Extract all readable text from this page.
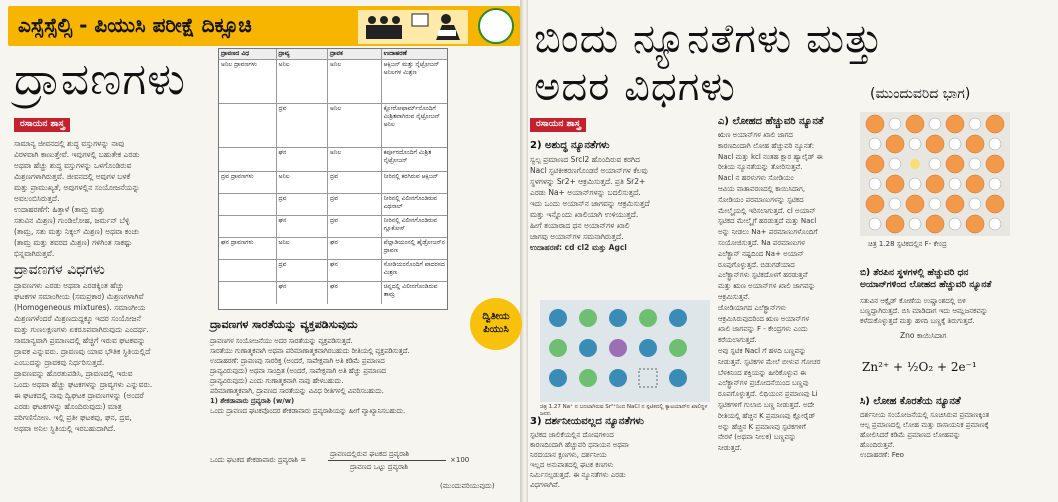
ಎಸ್ಸೆಸ್ಸೆಲ್ಸಿ - ಪಿಯುಸಿ ಪರೀಕ್ಷೆ ದಿಕ್ಸೂಚಿ
ದ್ರಾವಣಗಳು
ರಸಾಯನ ಶಾಸ್ತ್ರ
ಸಾಮಾನ್ಯ ಜೀವನದಲ್ಲಿ ಶುದ್ಧ ವಸ್ತುಗಳನ್ನು ನಾವು
ವಿರಳವಾಗಿ ಕಾಣುತ್ತೇವೆ. ಇವುಗಳಲ್ಲಿ ಬಹುತೇಕ ಎರಡು
ಅಥವಾ ಹೆಚ್ಚು ಶುದ್ಧ ವಸ್ತುಗಳನ್ನು ಒಳಗೊಂಡಿರುವ
ಮಿಶ್ರಣಗಳಾಗಿರುತ್ತವೆ. ಜೀವನದಲ್ಲಿ ಅವುಗಳ ಬಳಕೆ
ಮತ್ತು ಪ್ರಾಮುಖ್ಯತೆ, ಅವುಗಳಲ್ಲಿನ ಸಂಯೋಜನೆಯನ್ನು
ಅವಲಂಬಿಸಿರುತ್ತದೆ.
ಉದಾಹರಣೆಗೆ: ಹಿತ್ತಾಳೆ (ತಾಮ್ರ ಮತ್ತು
ಸತುವಿನ ಮಿಶ್ರಣ) ಗುಂಡಿಲೋಹ, ಜರ್ಮನ್ ಬೆಳ್ಳಿ
(ತಾಮ್ರ, ಸತು ಮತ್ತು ನಿಕ್ಕಲ್ ಮಿಶ್ರಣ) ಅಥವಾ ಕಂಚು
(ತಾಮ್ರ ಮತ್ತು ತವರದ ಮಿಶ್ರಣ) ಗಳಿಗಿಂತ ಸಾಕಷ್ಟು
ಭಿನ್ನವಾಗಿರುತ್ತವೆ.
ದ್ರಾವಣಗಳ ವಿಧಗಳು
ದ್ರಾವಣಗಳು ಎರಡು ಅಥವಾ ಎರಡಕ್ಕಿಂತ ಹೆಚ್ಚು
ಘಟಕಗಳ ಸಮಾಂಗೀಯ (ಸಮಪ್ರಕಾರ) ಮಿಶ್ರಣಗಳಾಗಿವೆ
(Homogeneous mixtures). ಸಮಾಂಗೀಯ
ಮಿಶ್ರಣಗಳೆಂದರೆ ಮಿಶ್ರಣದುದ್ದಕ್ಕೂ ಇದರ ಸಂಯೋಜನೆ
ಮತ್ತು ಗುಣಲಕ್ಷಣಗಳು ಏಕರೂಪವಾಗಿರುವುದು ಎಂದರ್ಥ.
ಸಾಮಾನ್ಯವಾಗಿ ಪ್ರಮಾಣದಲ್ಲಿ ಹೆಚ್ಚಿಗೆ ಇರುವ ಘಟಕವನ್ನು
ದ್ರಾವಕ ಎನ್ನುವರು. ದ್ರಾವಣವು ಯಾವ ಭೌತಿಕ ಸ್ಥಿತಿಯಲ್ಲಿದೆ
ಎಂಬುದನ್ನು ದ್ರಾವಕವು ನಿರ್ಧರಿಸುತ್ತದೆ.
ದ್ರಾವಣವನ್ನು ಹೊರತುಪಡಿಸಿ, ದ್ರಾವಣದಲ್ಲಿ ಇರುವ
ಒಂದು ಅಥವಾ ಹೆಚ್ಚು ಘಟಕಗಳನ್ನು ದ್ರಾವ್ಯಗಳು ಎನ್ನುವರು.
ಈ ಘಟಕದಲ್ಲಿ ನಾವು ದ್ವಿಘಟಕ ದ್ರಾವಣಗಳನ್ನು (ಅಂದರೆ
ಎರಡು ಘಟಕಗಳನ್ನು ಹೊಂದಿರುವುದು) ಮಾತ್ರ
ಪರಿಗಣಿಸೋಣ. ಇಲ್ಲಿ ಪ್ರತೀ ಘಟಕವು, ಘನ, ದ್ರವ,
ಅಥವಾ ಅನಿಲ ಸ್ಥಿತಿಯಲ್ಲಿ ಇರಬಹುದಾಗಿದೆ.
ದ್ರಾವಣದ ವಿಧ	ದ್ರಾವ್ಯ	ದ್ರಾವಕ	ಉದಾಹರಣೆ
ಅನಿಲ ದ್ರಾವಣಗಳು	ಅನಿಲ	ಅನಿಲ	ಆಕ್ಸಿಜನ್ ಮತ್ತು ನೈಟ್ರೋಜನ್ ಅನಿಲಗಳ ಮಿಶ್ರಣ
ದ್ರವ	ಅನಿಲ	ಕ್ಲೋರೋಫಾರ್ಮ್‌ನೊಂದಿಗೆ ಮಿಶ್ರಿತವಾಗಿರುವ ನೈಟ್ರೋಜನ್ ಅನಿಲ
ಘನ	ಅನಿಲ	ಕರ್ಪೂರದೊಂದಿಗೆ ಮಿಶ್ರಿತ ನೈಟ್ರೋಜನ್
ದ್ರವ ದ್ರಾವಣಗಳು	ಅನಿಲ	ದ್ರವ	ನೀರಿನಲ್ಲಿ ಕರಗಿರುವ ಆಕ್ಸಿಜನ್
ದ್ರವ	ದ್ರವ	ನೀರಿನಲ್ಲಿ ವಿಲೀನಗೊಂಡಿರುವ ಎಥನಾಲ್
ಘನ	ದ್ರವ	ನೀರಿನಲ್ಲಿ ವಿಲೀನಗೊಂಡಿರುವ ಗ್ಲೂಕೋಸ್
ಘನ ದ್ರಾವಣಗಳು	ಅನಿಲ	ಘನ	ಪೆಲ್ಲಾಡಿಯಂನಲ್ಲಿ ಹೈಡ್ರೋಜನ್‌ನ ದ್ರಾವಣ
ದ್ರವ	ಘನ	ಸೋಡಿಯಂನೊಂದಿಗೆ ಪಾದರಸದ ಮಿಶ್ರಣ
ಘನ	ಘನ	ಚಿನ್ನದಲ್ಲಿ ವಿಲೀನಗೊಂಡಿರುವ ತಾಮ್ರ
ದ್ರಾವಣಗಳ ಸಾರತೆಯನ್ನು ವ್ಯಕ್ತಪಡಿಸುವುದು
ದ್ರಾವಣಗಳ ಸಂಯೋಜನೆಯು ಅದರ ಸಾರತೆಯನ್ನು ವ್ಯಕ್ತಪಡಿಸುತ್ತದೆ.
ಸಾರತೆಯು ಗುಣಾತ್ಮಕವಾಗಿ ಅಥವಾ ಪರಿಮಾಣಾತ್ಮಕವಾಗಿರಬಹುದು ರೀತಿಯಲ್ಲಿ ವ್ಯಕ್ತಪಡಿಸುತ್ತದೆ.
ಉದಾಹರಣೆ: ದ್ರಾವಣವು ಸಾರರಿಕ್ತ (ಅಂದರೆ, ಸಾಪೇಕ್ಷವಾಗಿ ಅತಿ ಕಡಿಮೆ ಪ್ರಮಾಣದ
ದ್ರಾವ್ಯವಿರುವುದು) ಅಥವಾ ಸಾಂದ್ರಿತ (ಅಂದರೆ, ಸಾಪೇಕ್ಷವಾಗಿ ಅತಿ ಹೆಚ್ಚು ಪ್ರಮಾಣದ
ದ್ರಾವ್ಯವಿರುವುದು) ಎಂದು ಗುಣಾತ್ಮಕವಾಗಿ ನಾವು ಹೇಳಬಹುದು.
ಪರಿಮಾಣಾತ್ಮಕವಾಗಿ, ದ್ರಾವಣದ ಸಾರತೆಯನ್ನು ವಿವಿಧ ರೀತಿಗಳಲ್ಲಿ ವಿವರಿಸಬಹುದು.
1) ಶೇಕಡಾವಾರು ದ್ರವ್ಯರಾಶಿ (w/w)
ಒಂದು ದ್ರಾವಣದ ಘಟಕವೊಂದರ ಶೇಕಡಾವಾರು ದ್ರವ್ಯರಾಶಿಯನ್ನು ಹೀಗೆ ವ್ಯಾಖ್ಯಾನಿಸಬಹುದು.
ಒಂದು ಘಟಕದ ಶೇಕಡಾವಾರು ದ್ರವ್ಯರಾಶಿ =
ದ್ರಾವಣದಲ್ಲಿರುವ ಘಟಕದ ದ್ರವ್ಯರಾಶಿ
ದ್ರಾವಣದ ಒಟ್ಟು ದ್ರವ್ಯರಾಶಿ
×100
(ಮುಂದುವರಿಯುವುದು)
ದ್ವಿತೀಯ
ಪಿಯುಸಿ
ಬಿಂದು ನ್ಯೂನತೆಗಳು ಮತ್ತು
ಅದರ ವಿಧಗಳು	(ಮುಂದುವರಿದ ಭಾಗ)
ರಸಾಯನ ಶಾಸ್ತ್ರ
2) ಅಶುದ್ಧ ನ್ಯೂನತೆಗಳು
ಸ್ವಲ್ಪ ಪ್ರಮಾಣದ Srcl2 ಹೊಂದಿರುವ ಕರಗಿದ
Nacl ಸ್ಫಟಿಕೀಕರಣಗೊಂಡರೆ ಅಯಾನ್‌ಗಳ ಕೆಲವು
ಸ್ಥಳಗಳನ್ನು Sr2+ ಆಕ್ರಮಿಸುತ್ತದೆ. ಪ್ರತಿ Sr2+
ಎರಡು Na+ ಅಯಾನ್‌ಗಳನ್ನು ಬದಲಿಸುತ್ತದೆ.
ಇದು ಒಂದು ಅಯಾನ್‌ನ ಜಾಗವನ್ನು ಆಕ್ರಮಿಸುತ್ತದೆ
ಮತ್ತು ಇನ್ನೊಂದು ಖಾಲಿಯಾಗಿ ಉಳಿಯುತ್ತದೆ.
ಹೀಗೆ ತಯಾರಾದ ಧನ ಅಯಾನ್‌ಗಳ ಖಾಲಿ
ಜಾಗವು ಅಯಾನ್‌ಗಳ ಸಮನಾಗಿರುತ್ತದೆ.
ಉದಾಹರಣೆ: cd cl2 ಮತ್ತು Agcl
ಚಿತ್ರ 1.27 Na⁺ ನ ಬದಲಾಗಿರುವ Sr²⁺ನಿಂದ NaCl ನ ಸ್ಫಟಿಕದಲ್ಲಿ ಕ್ಯಾಟಯಾನ್‌ನ ಖಾಲಿಸ್ಥಳ ಜನನ.
3) ದರ್ಶನೀಯವಲ್ಲದ ನ್ಯೂನತೆಗಳು
ಸ್ಫಟಿಕದ ಜಾಲಿಕೆಯಲ್ಲಿನ ದೋಷಗಳಿಂದ
ಕಾರಣದಿಂದಾಗಿ ಹೆಚ್ಚುವರಿ ಧನಾಯನ ಅಥವಾ
ನಿರದಯಾನ ಕ್ಷಣಗಳು, ದರ್ಶನೀಯ
ಇಲ್ಲದ ಅನುಪಾತದಲ್ಲಿ ಘಟಕ ಕಣಗಳು
ನಿರ್ಮಿಸಲ್ಪಡುತ್ತದೆ. ಈ ನ್ಯೂನತೆಗಳು ಎರಡು
ವಿಧಗಳಾಗಿವೆ.
ಎ) ಲೋಹದ ಹೆಚ್ಚುವರಿ ನ್ಯೂನತೆ
ಋಣ ಅಯಾನ್‌ಗಳ ಖಾಲಿ ಜಾಗದ
ಕಾರಣದಿಂದಾಗಿ ಲೋಹ ಹೆಚ್ಚುವರಿ ನ್ಯೂನತೆ:
Nacl ಮತ್ತು kcl ನಂತಹ ಕ್ಷಾರ ಹ್ಯಾಲೈಡ್ ಈ
ರೀತಿಯ ನ್ಯೂನತೆಯನ್ನು ತೋರಿಸುತ್ತವೆ.
Nacl ನ ಹರಳುಗಳು ಸೋಡಿಯಂ
ಆವಿಯ ವಾತಾವರಣದಲ್ಲಿ ಕಾಯಿಸಿದಾಗ,
ಸೋಡಿಯಂ ಪರಮಾಣುಗಳನ್ನು ಸ್ಫಟಿಕದ
ಮೇಲ್ಮೈಯಲ್ಲಿ ಇರಿಸಲಾಗುತ್ತದೆ. cl ಅಯಾನ್
ಸ್ಫಟಿಕದ ಮೇಲ್ಮೈಗೆ ಹರಡುತ್ತದೆ ಮತ್ತು Nacl
ಅನ್ನು ನೀಡಲು Na+ ಪರಮಾಣುಗಳೊಂದಿಗೆ
ಸಂಯೋಜಿಸುತ್ತದೆ. Na ಪರಮಾಣುಗಳ
ಎಲೆಕ್ಟ್ರಾನ್ ನಷ್ಟದಿಂದ Na+ ಅಯಾನ್
ರೂಪುಗೊಳ್ಳುತ್ತದೆ. ಬಿಡುಗಡೆಯಾದ
ಎಲೆಕ್ಟ್ರಾನ್‌ಗಳು ಸ್ಫಟಿಕದೊಳಗೆ ಹರಡುತ್ತವೆ
ಮತ್ತು ಋಣ ಅಯಾನ್‌ಗಳ ಖಾಲಿ ಜಾಗವನ್ನು
ಆಕ್ರಮಿಸುತ್ತವೆ.
ಜೋಡಿಯಾಗದ ಎಲೆಕ್ಟ್ರಾನ್‌ಗಳು
ಆಕ್ರಮಿಸಿರುವುದರಿಂದ ಋಣ ಅಯಾನ್‌ಗಳ
ಖಾಲಿ ಜಾಗವನ್ನು F - ಕೇಂದ್ರಗಳು ಎಂದು
ಕರೆಯಲಾಗುತ್ತದೆ.
ಅವು ಸ್ಫಟಿಕ Nacl ಗೆ ಹಳದಿ ಬಣ್ಣವನ್ನು
ನೀಡುತ್ತವೆ. ಸ್ಫಟಿಕಗಳ ಮೇಲೆ ಬೀಳುವ ಗೋಚರ
ಬೆಳಕಿನಿಂದ ಶಕ್ತಿಯನ್ನು ಹೀರಿಕೊಳ್ಳುವ ಈ
ಎಲೆಕ್ಟ್ರಾನ್‌ಗಳ ಪ್ರಚೋದನೆಯಿಂದ ಬಣ್ಣವು
ರೂಪಗೊಳ್ಳುತ್ತದೆ. ಲಿಥಿಯಂನ ಪ್ರಮಾಣವು Li
ಸ್ಫಟಿಕಗಳಿಗೆ ಗುಲಾಬಿ ಬಣ್ಣ ನೀಡುತ್ತದೆ. ಅದೇ
ರೀತಿಯಲ್ಲಿ ಹೆಚ್ಚಿನ K ಪ್ರಮಾಣವು ಕ್ಲೋರೈಡ್
ಅನ್ನು ಹೆಚ್ಚಿನ K ಪ್ರಮಾಣವು ಸ್ಫಟಿಕಗಳಿಗೆ
ನೇರಳೆ (ಅಥವಾ ನೀಲಕ) ಬಣ್ಣವನ್ನು
ನೀಡುತ್ತದೆ.
ಚಿತ್ರ 1.28 ಸ್ಫಟಿಕದಲ್ಲಿನ F- ಕೇಂದ್ರ
ಬಿ) ತೆರಪಿನ ಸ್ಥಳಗಳಲ್ಲಿ ಹೆಚ್ಚುವರಿ ಧನ
ಅಯಾನ್‌ಗಳಿಂದ ಲೋಹದ ಹೆಚ್ಚುವರಿ ನ್ಯೂನತೆ
ಸತುವಿನ ಆಕ್ಸೈಡ್ ಕೋಣೆಯ ಉಷ್ಣಾಂಶದಲ್ಲಿ ಬಿಳಿ
ಬಣ್ಣದ್ದಾಗಿರುತ್ತದೆ. ಬಿಸಿ ಮಾಡಿದಾಗ ಇದು ಆಮ್ಲಜನಕವನ್ನು
ಕಳೆದುಕೊಳ್ಳುತ್ತದೆ ಮತ್ತು ಹಳದಿ ಬಣ್ಣಕ್ಕೆ ತಿರುಗುತ್ತದೆ.
Zno ಕಾಯಿಸಿದಾಗ
Zn²⁺ + ½O₂ + 2e⁻¹
ಸಿ) ಲೋಹ ಕೊರತೆಯ ನ್ಯೂನತೆ
ದರ್ಶನೀಯ ಸಂಯೋಜನೆಯಲ್ಲಿ ಸೂಚಿಸಿರುವ ಪ್ರಮಾಣಕ್ಕಿಂತ
ಆಲ್ಪ ಪ್ರಮಾಣದಲ್ಲಿ ಲೋಹ ಮತ್ತು ರಾಸಾಯನಿಕ ಪ್ರಮಾಣಕ್ಕೆ
ಹೋಲಿಸಿದರೆ ಕಡಿಮೆ ಪ್ರಮಾಣದ ಲೋಹವನ್ನು
ಹೊಂದಿರುತ್ತವೆ.
ಉದಾಹರಣೆ: Feo
